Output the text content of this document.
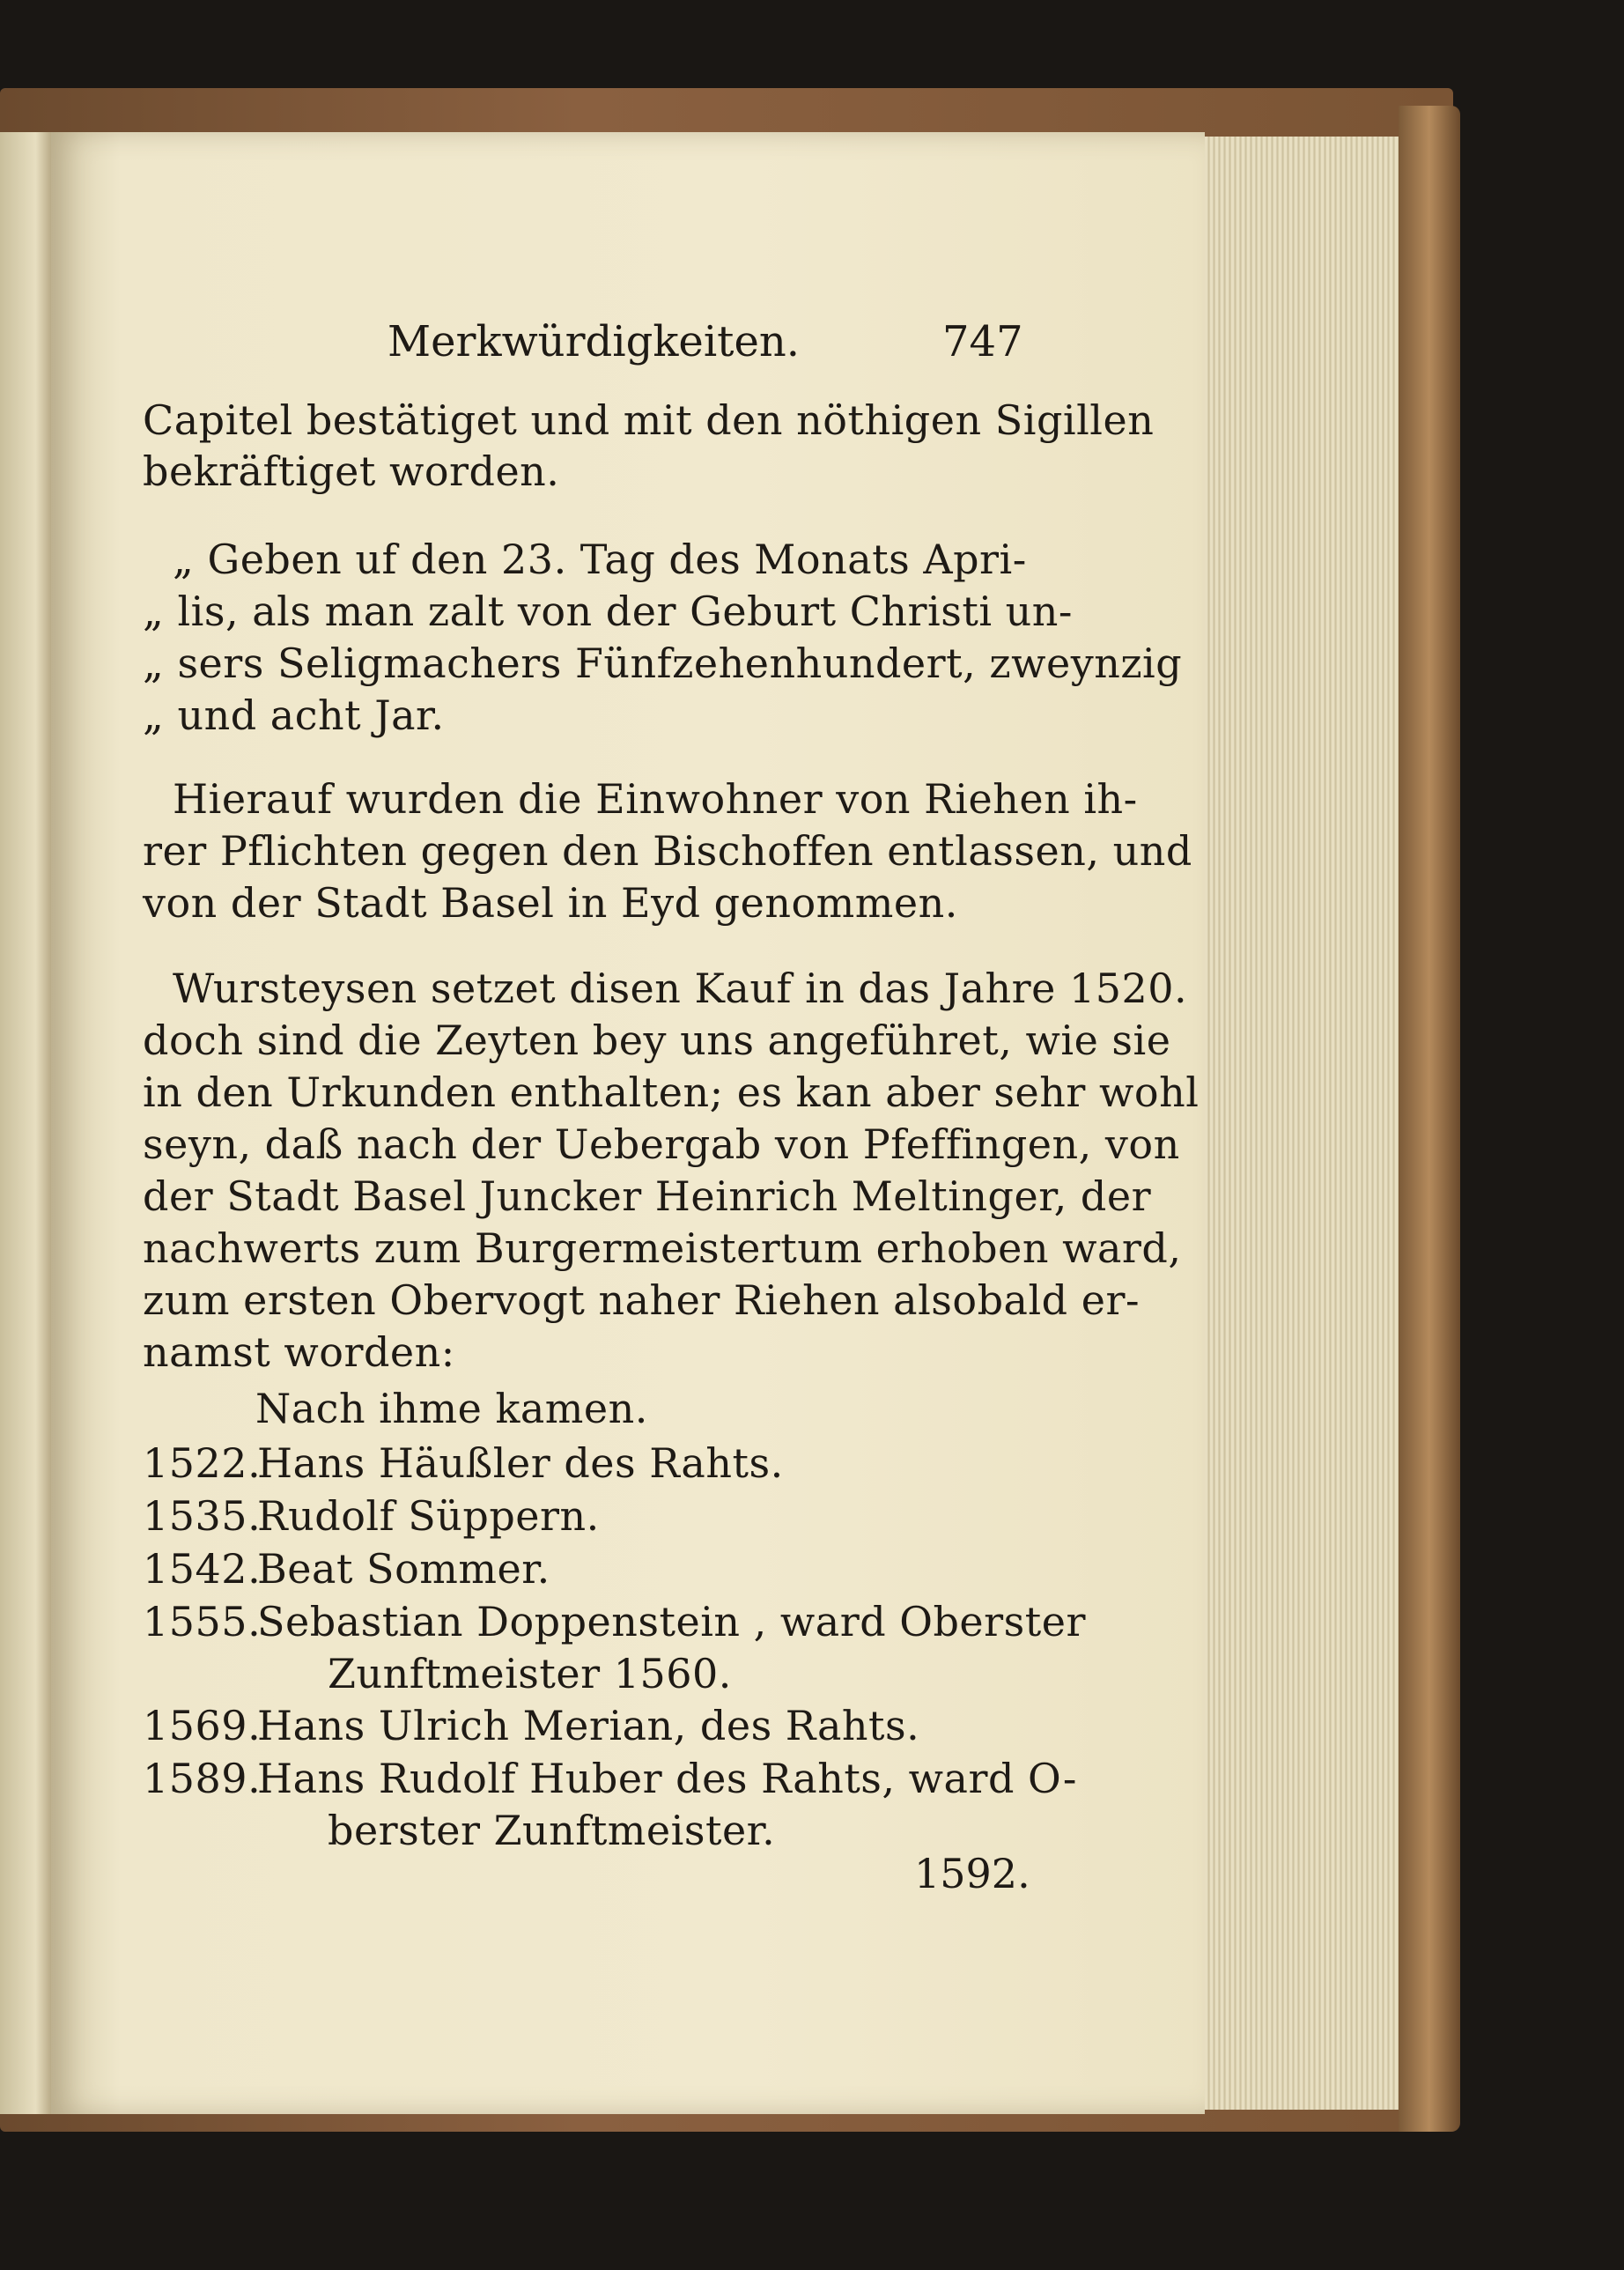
Merkwürdigkeiten.	747
Capitel bestätiget und mit den nöthigen Sigillen
bekräftiget worden.
„ Geben uf den 23. Tag des Monats Apri-
„ lis, als man zalt von der Geburt Christi un-
„ sers Seligmachers Fünfzehenhundert, zweynzig
„ und acht Jar.
Hierauf wurden die Einwohner von Riehen ih-
rer Pflichten gegen den Bischoffen entlassen, und
von der Stadt Basel in Eyd genommen.
Wursteysen setzet disen Kauf in das Jahre 1520.
doch sind die Zeyten bey uns angeführet, wie sie
in den Urkunden enthalten; es kan aber sehr wohl
seyn, daß nach der Uebergab von Pfeffingen, von
der Stadt Basel Juncker Heinrich Meltinger, der
nachwerts zum Burgermeistertum erhoben ward,
zum ersten Obervogt naher Riehen alsobald er-
namst worden:
Nach ihme kamen.
1522.Hans Häußler des Rahts.
1535.Rudolf Süppern.
1542.Beat Sommer.
1555.Sebastian Doppenstein , ward Oberster
Zunftmeister 1560.
1569.Hans Ulrich Merian, des Rahts.
1589.Hans Rudolf Huber des Rahts, ward O-
berster Zunftmeister.
1592.
